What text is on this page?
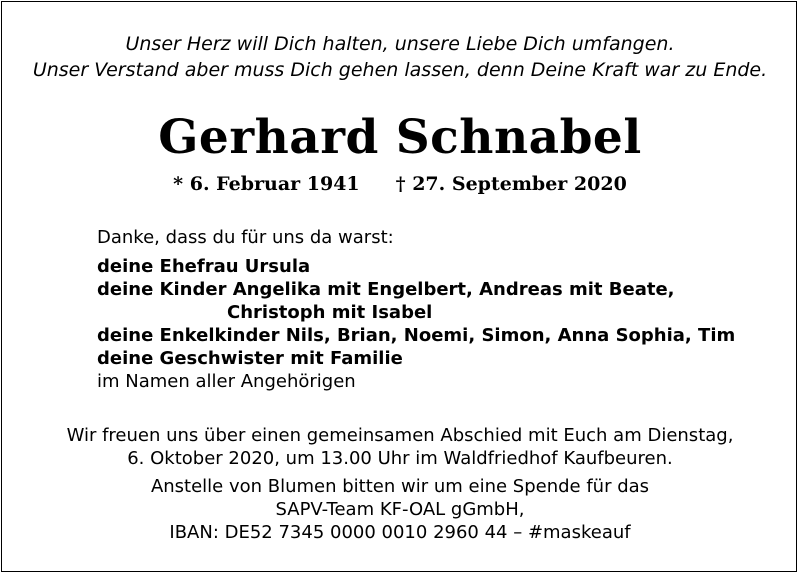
Unser Herz will Dich halten, unsere Liebe Dich umfangen.
Unser Verstand aber muss Dich gehen lassen, denn Deine Kraft war zu Ende.
Gerhard Schnabel
* 6. Februar 1941 † 27. September 2020
Danke, dass du für uns da warst:
deine Ehefrau Ursula
deine Kinder Angelika mit Engelbert, Andreas mit Beate,
Christoph mit Isabel
deine Enkelkinder Nils, Brian, Noemi, Simon, Anna Sophia, Tim
deine Geschwister mit Familie
im Namen aller Angehörigen
Wir freuen uns über einen gemeinsamen Abschied mit Euch am Dienstag,
6. Oktober 2020, um 13.00 Uhr im Waldfriedhof Kaufbeuren.
Anstelle von Blumen bitten wir um eine Spende für das
SAPV-Team KF-OAL gGmbH,
IBAN: DE52 7345 0000 0010 2960 44 – #maskeauf
